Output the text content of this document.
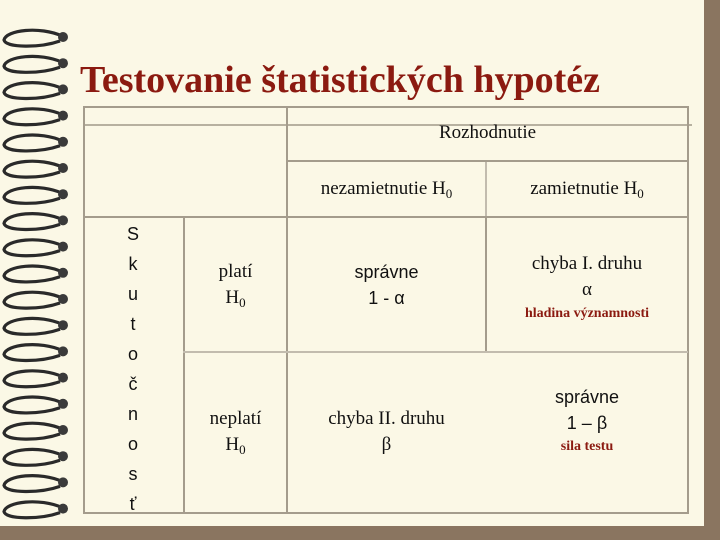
Testovanie štatistických hypotéz
Rozhodnutie
nezamietnutie $H_0$	zamietnutie $H_0$
S
k
u
t
o
č
n
o
s
ť
platí
$H_0$
správne
1 - α
chyba I. druhu
α
hladina významnosti
neplatí
$H_0$
chyba II. druhu
β
správne
1 – β
sila testu
